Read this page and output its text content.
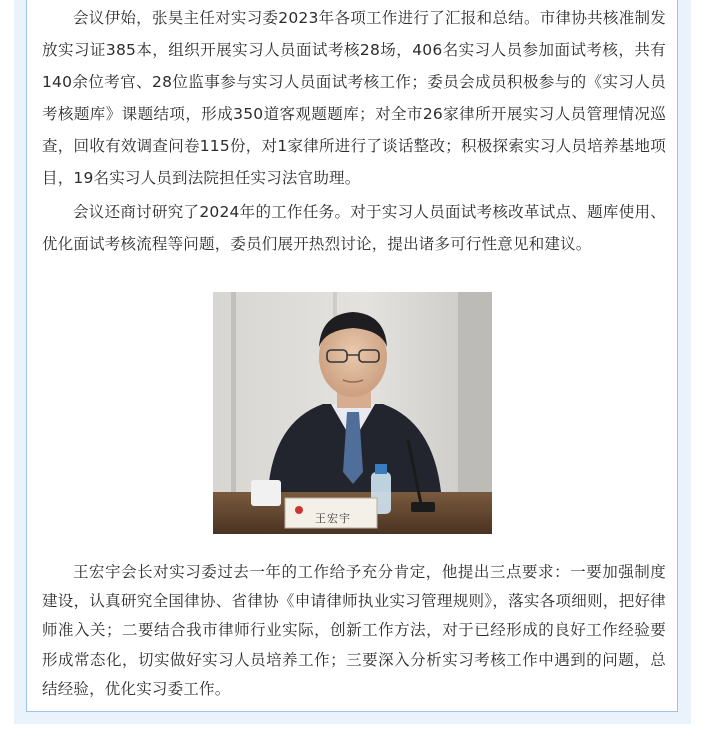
会议伊始，张昊主任对实习委2023年各项工作进行了汇报和总结。市律协共核准制发放实习证385本，组织开展实习人员面试考核28场，406名实习人员参加面试考核，共有140余位考官、28位监事参与实习人员面试考核工作；委员会成员积极参与的《实习人员考核题库》课题结项，形成350道客观题题库；对全市26家律所开展实习人员管理情况巡查，回收有效调查问卷115份，对1家律所进行了谈话整改；积极探索实习人员培养基地项目，19名实习人员到法院担任实习法官助理。

会议还商讨研究了2024年的工作任务。对于实习人员面试考核改革试点、题库使用、优化面试考核流程等问题，委员们展开热烈讨论，提出诸多可行性意见和建议。

王宏宇

王宏宇会长对实习委过去一年的工作给予充分肯定，他提出三点要求：一要加强制度建设，认真研究全国律协、省律协《申请律师执业实习管理规则》，落实各项细则，把好律师准入关；二要结合我市律师行业实际，创新工作方法，对于已经形成的良好工作经验要形成常态化，切实做好实习人员培养工作；三要深入分析实习考核工作中遇到的问题，总结经验，优化实习委工作。
